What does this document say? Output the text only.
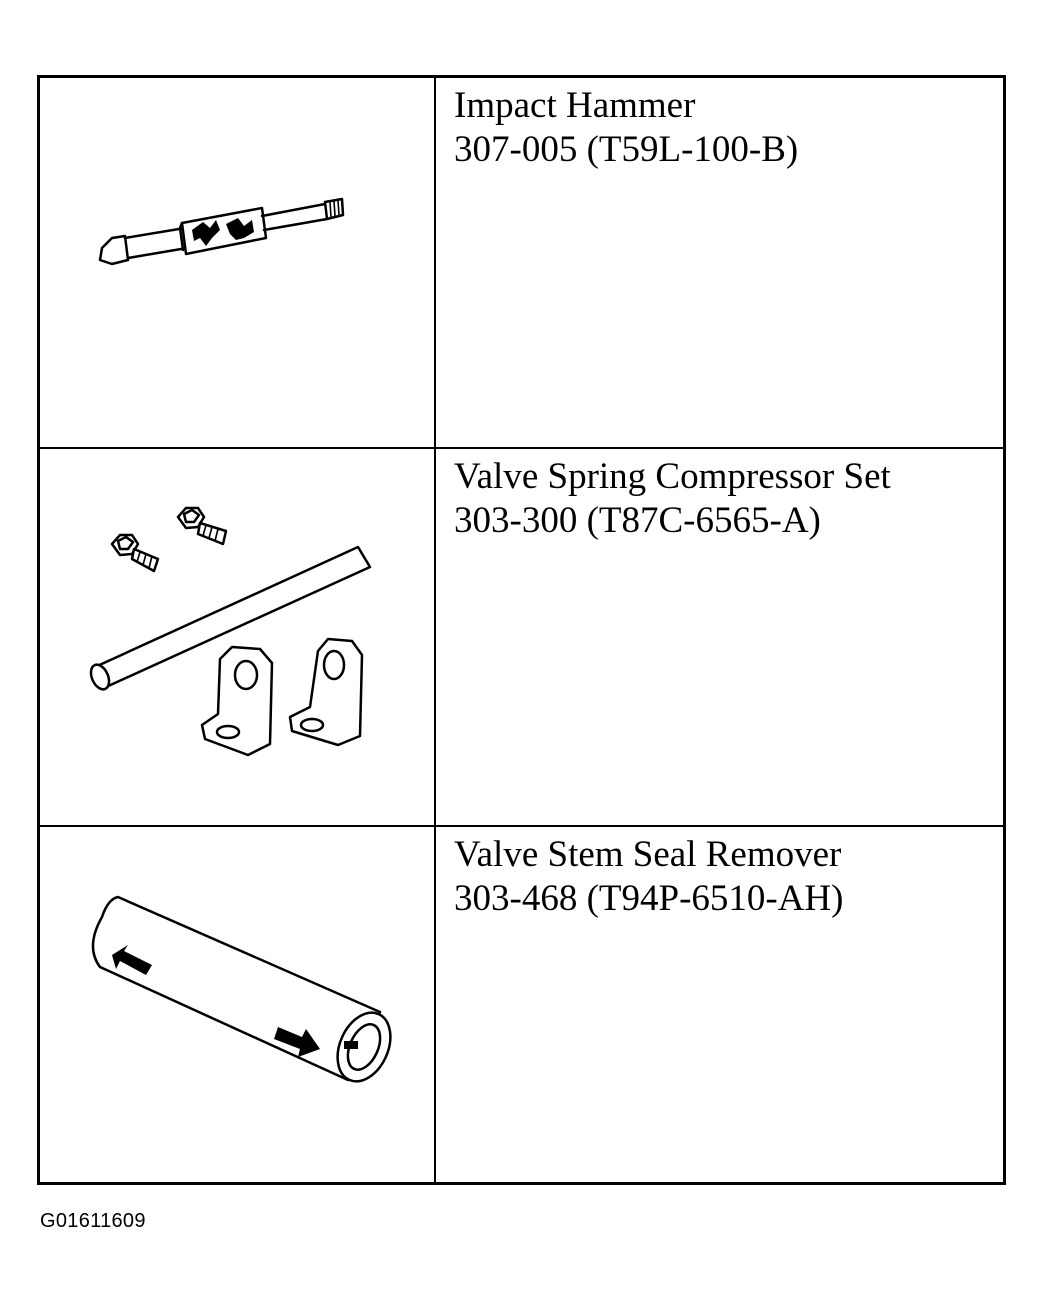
Impact Hammer
307-005 (T59L-100-B)
Valve Spring Compressor Set
303-300 (T87C-6565-A)
Valve Stem Seal Remover
303-468 (T94P-6510-AH)
G01611609
